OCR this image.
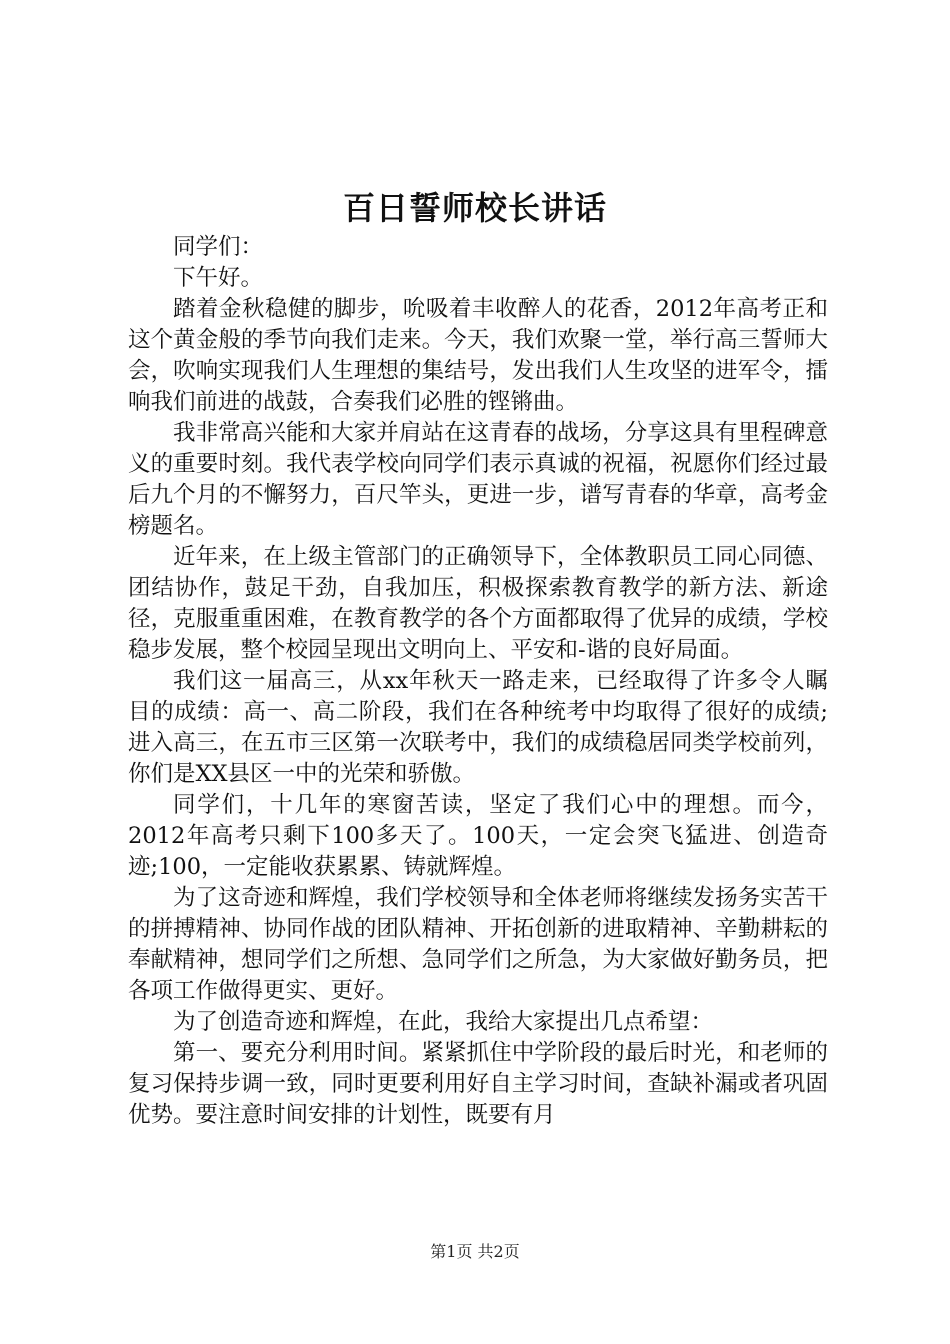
百日誓师校长讲话

同学们：

下午好。

踏着金秋稳健的脚步，吮吸着丰收醉人的花香，2012年高考正和这个黄金般的季节向我们走来。今天，我们欢聚一堂，举行高三誓师大会，吹响实现我们人生理想的集结号，发出我们人生攻坚的进军令，擂响我们前进的战鼓，合奏我们必胜的铿锵曲。

我非常高兴能和大家并肩站在这青春的战场，分享这具有里程碑意义的重要时刻。我代表学校向同学们表示真诚的祝福，祝愿你们经过最后九个月的不懈努力，百尺竿头，更进一步，谱写青春的华章，高考金榜题名。

近年来，在上级主管部门的正确领导下，全体教职员工同心同德、团结协作，鼓足干劲，自我加压，积极探索教育教学的新方法、新途径，克服重重困难，在教育教学的各个方面都取得了优异的成绩，学校稳步发展，整个校园呈现出文明向上、平安和-谐的良好局面。

我们这一届高三，从xx年秋天一路走来，已经取得了许多令人瞩目的成绩：高一、高二阶段，我们在各种统考中均取得了很好的成绩;进入高三，在五市三区第一次联考中，我们的成绩稳居同类学校前列，你们是XX县区一中的光荣和骄傲。

同学们，十几年的寒窗苦读，坚定了我们心中的理想。而今，2012年高考只剩下100多天了。100天，一定会突飞猛进、创造奇迹;100，一定能收获累累、铸就辉煌。

为了这奇迹和辉煌，我们学校领导和全体老师将继续发扬务实苦干的拼搏精神、协同作战的团队精神、开拓创新的进取精神、辛勤耕耘的奉献精神，想同学们之所想、急同学们之所急，为大家做好勤务员，把各项工作做得更实、更好。

为了创造奇迹和辉煌，在此，我给大家提出几点希望：

第一、要充分利用时间。紧紧抓住中学阶段的最后时光，和老师的复习保持步调一致，同时更要利用好自主学习时间，查缺补漏或者巩固优势。要注意时间安排的计划性，既要有月

第1页 共2页
